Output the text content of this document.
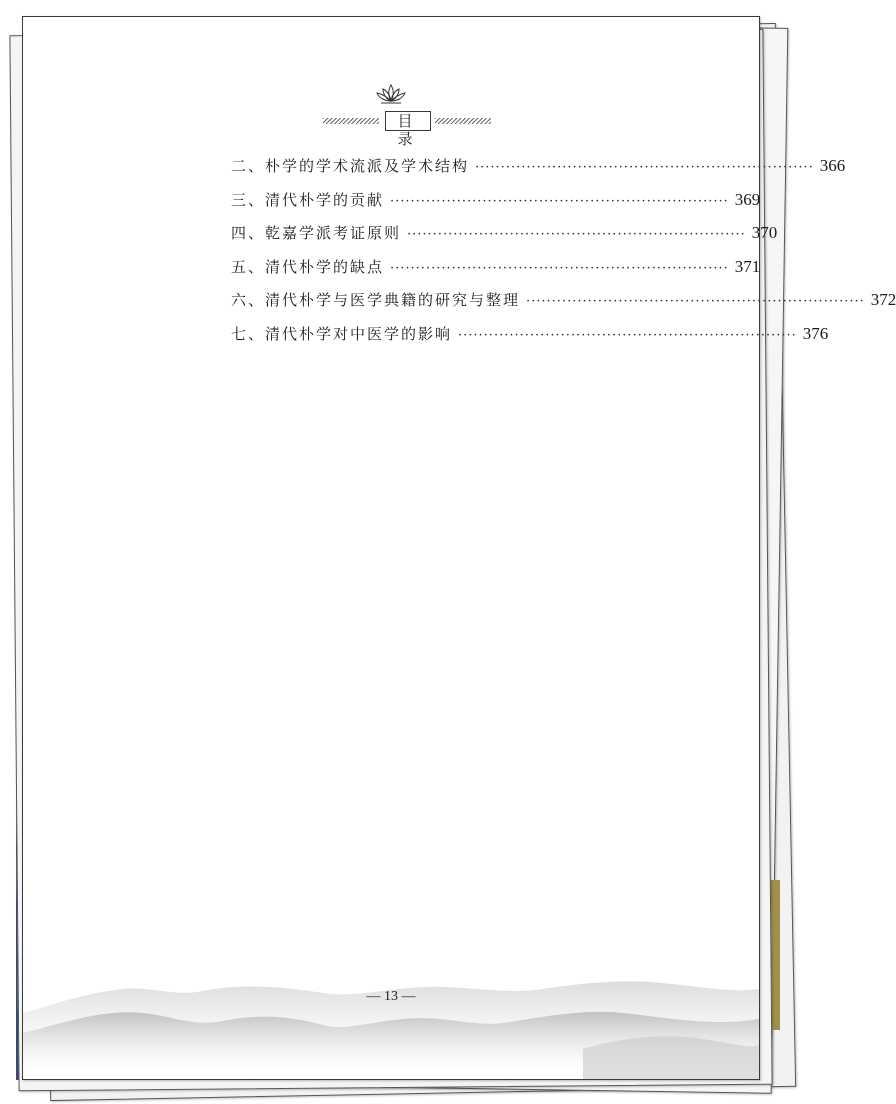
目 录
二、朴学的学术流派及学术结构 ·································································· 366
三、清代朴学的贡献 ·································································· 369
四、乾嘉学派考证原则 ·································································· 370
五、清代朴学的缺点 ·································································· 371
六、清代朴学与医学典籍的研究与整理 ·································································· 372
七、清代朴学对中医学的影响 ·································································· 376
— 13 —
